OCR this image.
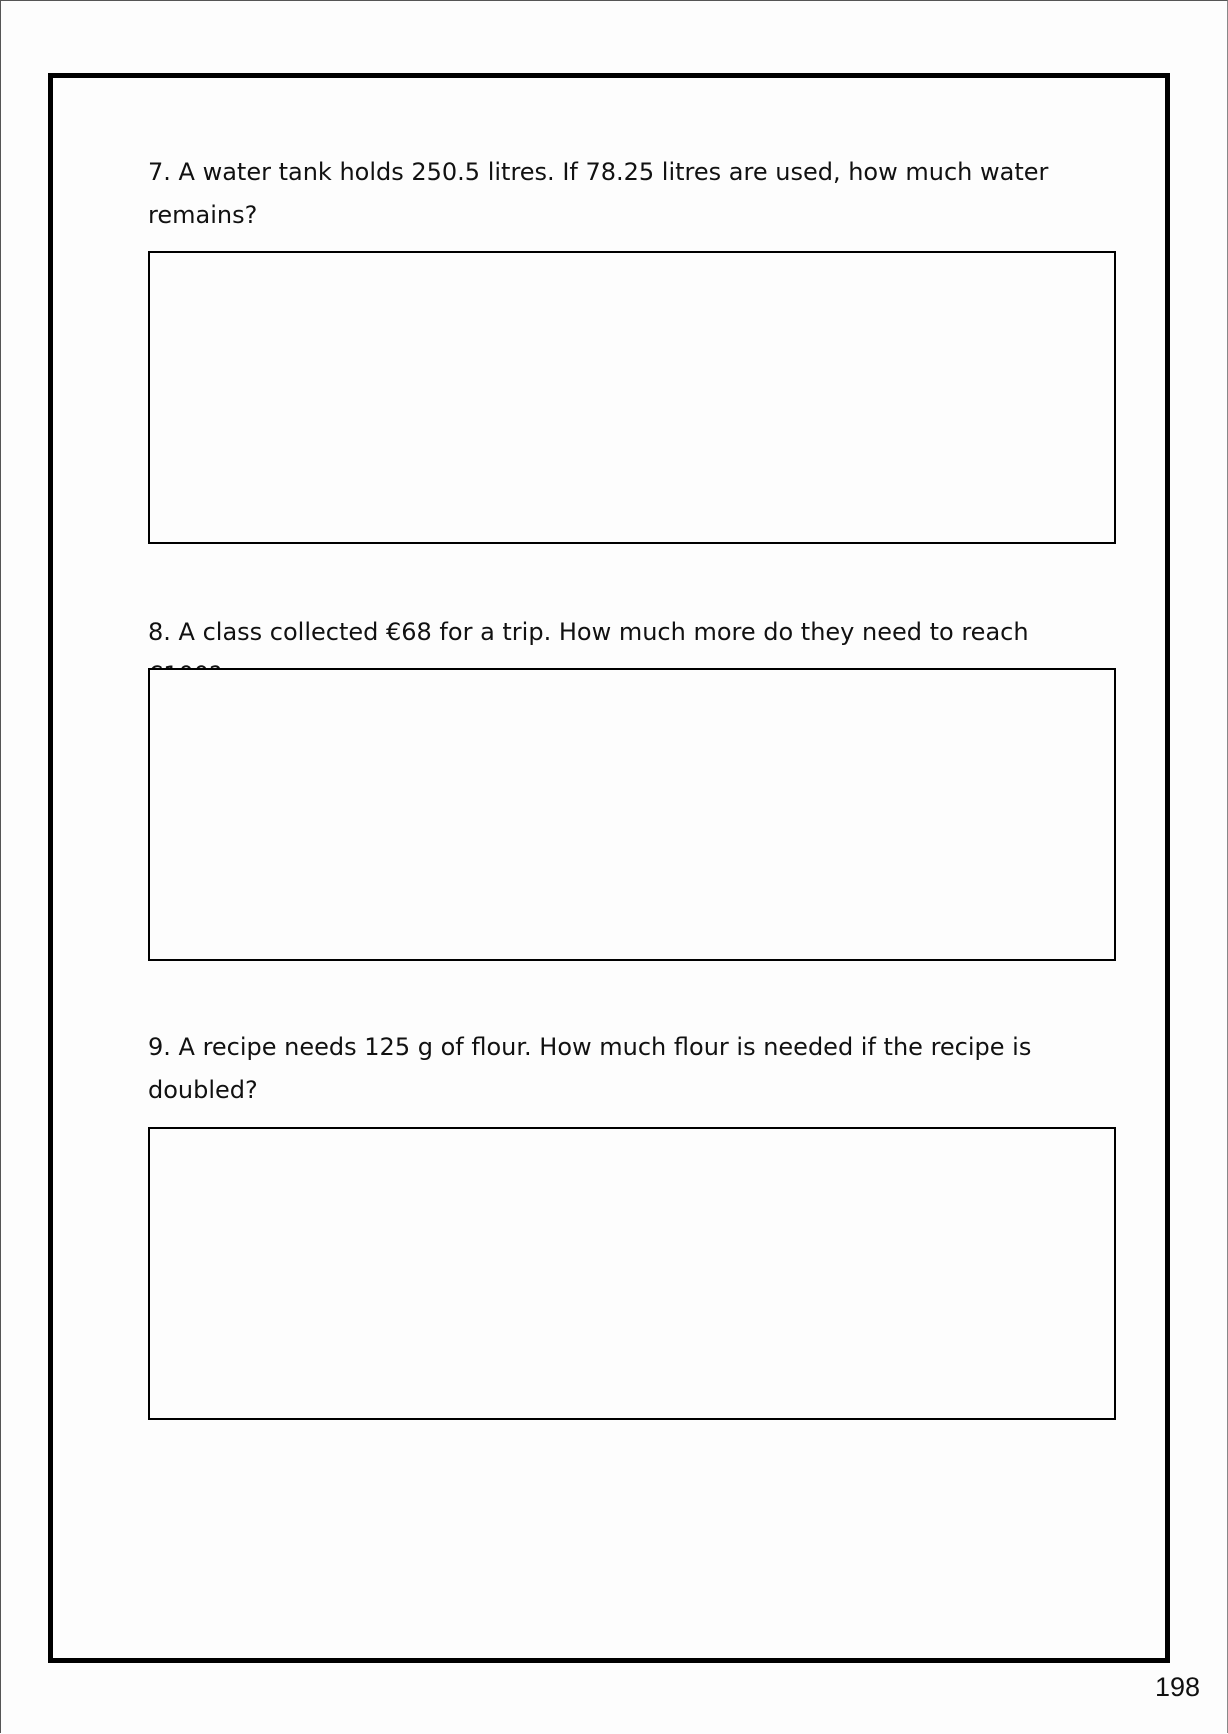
7. A water tank holds 250.5 litres. If 78.25 litres are used, how much water remains?

8. A class collected €68 for a trip. How much more do they need to reach

9. A recipe needs 125 g of flour. How much flour is needed if the recipe is doubled?

198
